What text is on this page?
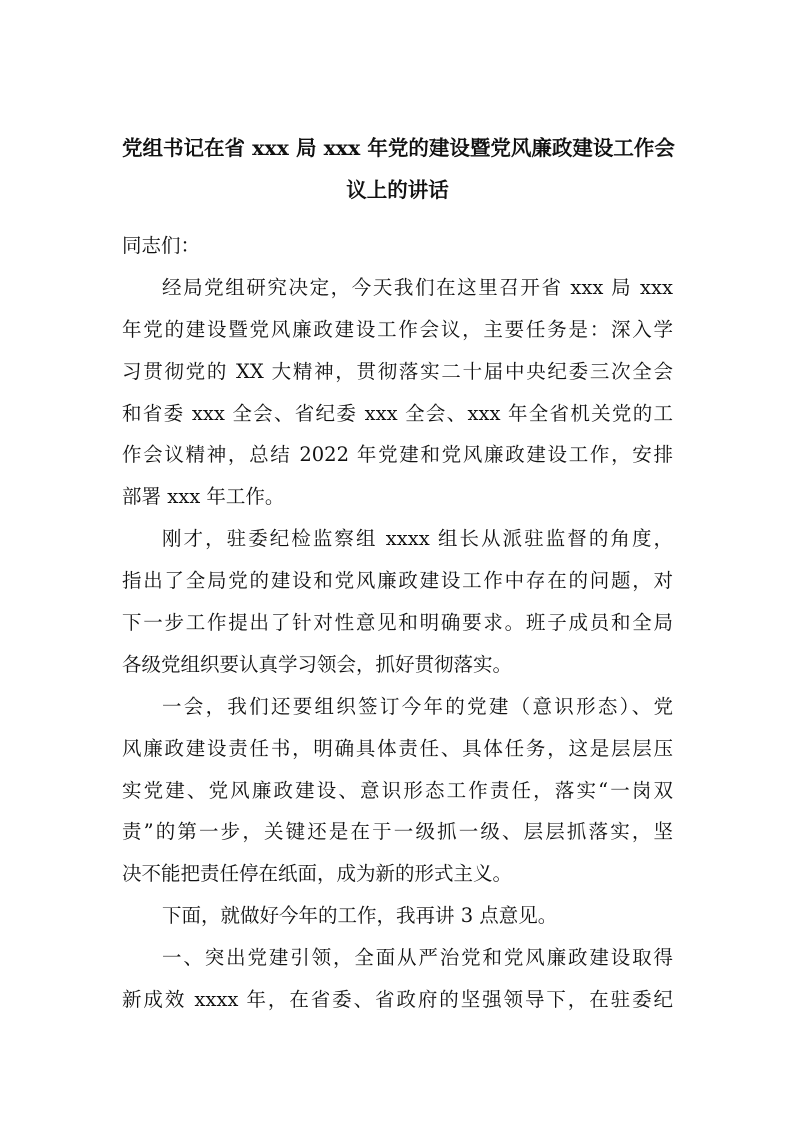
党组书记在省 xxx 局 xxx 年党的建设暨党风廉政建设工作会
议上的讲话
同志们：
经局党组研究决定，今天我们在这里召开省 xxx 局 xxx
年党的建设暨党风廉政建设工作会议，主要任务是：深入学
习贯彻党的 XX 大精神，贯彻落实二十届中央纪委三次全会
和省委 xxx 全会、省纪委 xxx 全会、xxx 年全省机关党的工
作会议精神，总结 2022 年党建和党风廉政建设工作，安排
部署 xxx 年工作。
刚才，驻委纪检监察组 xxxx 组长从派驻监督的角度，
指出了全局党的建设和党风廉政建设工作中存在的问题，对
下一步工作提出了针对性意见和明确要求。班子成员和全局
各级党组织要认真学习领会，抓好贯彻落实。
一会，我们还要组织签订今年的党建（意识形态）、党
风廉政建设责任书，明确具体责任、具体任务，这是层层压
实党建、党风廉政建设、意识形态工作责任，落实“一岗双
责”的第一步，关键还是在于一级抓一级、层层抓落实，坚
决不能把责任停在纸面，成为新的形式主义。
下面，就做好今年的工作，我再讲 3 点意见。
一、突出党建引领，全面从严治党和党风廉政建设取得
新成效 xxxx 年，在省委、省政府的坚强领导下，在驻委纪
